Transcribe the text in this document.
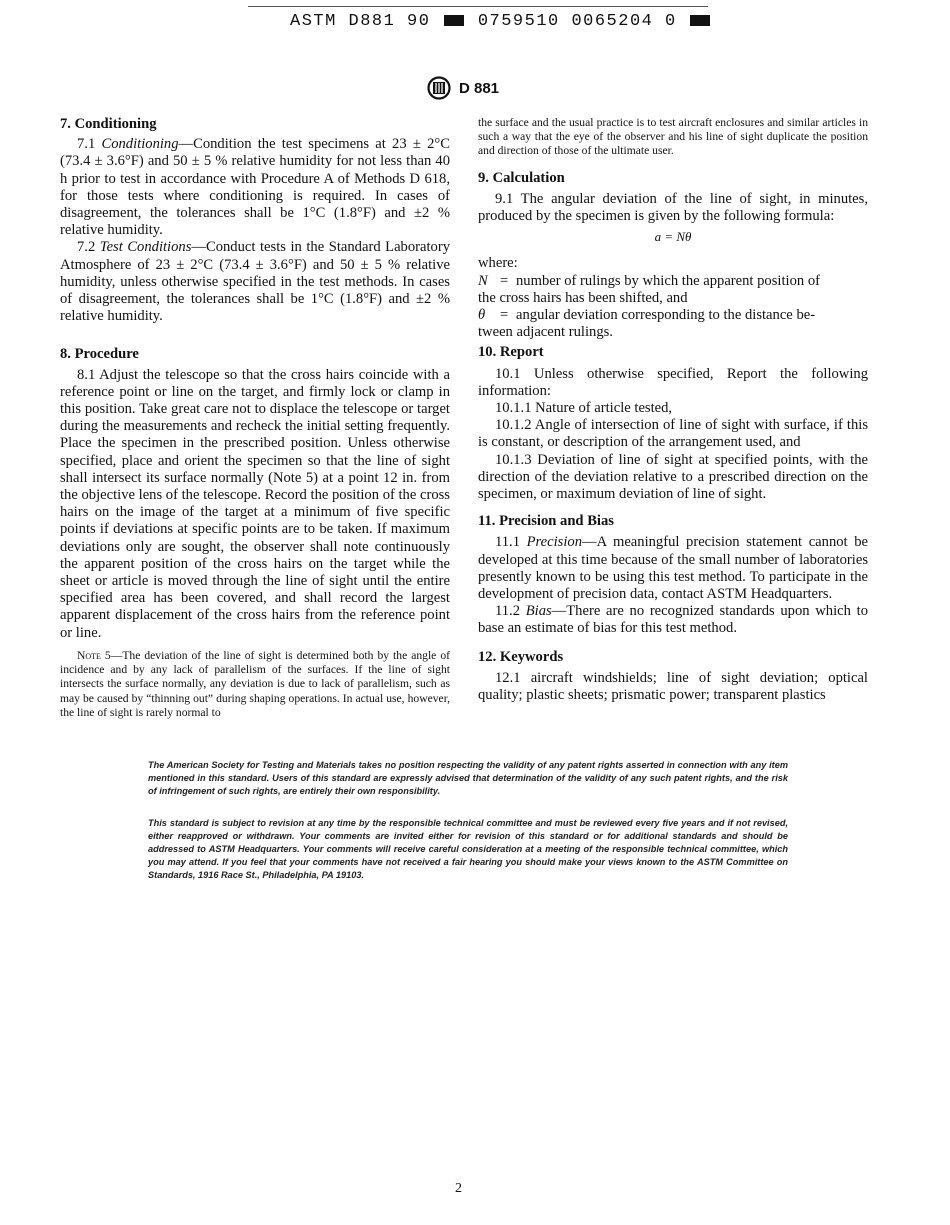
ASTM D881 90	0759510 0065204 0
D 881
7. Conditioning

7.1 Conditioning—Condition the test specimens at 23 ± 2°C (73.4 ± 3.6°F) and 50 ± 5 % relative humidity for not less than 40 h prior to test in accordance with Procedure A of Methods D 618, for those tests where conditioning is required. In cases of disagreement, the tolerances shall be 1°C (1.8°F) and ±2 % relative humidity.

7.2 Test Conditions—Conduct tests in the Standard Laboratory Atmosphere of 23 ± 2°C (73.4 ± 3.6°F) and 50 ± 5 % relative humidity, unless otherwise specified in the test methods. In cases of disagreement, the tolerances shall be 1°C (1.8°F) and ±2 % relative humidity.

8. Procedure

8.1 Adjust the telescope so that the cross hairs coincide with a reference point or line on the target, and firmly lock or clamp in this position. Take great care not to displace the telescope or target during the measurements and recheck the initial setting frequently. Place the specimen in the prescribed position. Unless otherwise specified, place and orient the specimen so that the line of sight shall intersect its surface normally (Note 5) at a point 12 in. from the objective lens of the telescope. Record the position of the cross hairs on the image of the target at a minimum of five specific points if deviations at specific points are to be taken. If maximum deviations only are sought, the observer shall note continuously the apparent position of the cross hairs on the target while the sheet or article is moved through the line of sight until the entire specified area has been covered, and shall record the largest apparent displacement of the cross hairs from the reference point or line.

Note 5—The deviation of the line of sight is determined both by the angle of incidence and by any lack of parallelism of the surfaces. If the line of sight intersects the surface normally, any deviation is due to lack of parallelism, such as may be caused by “thinning out” during shaping operations. In actual use, however, the line of sight is rarely normal to

the surface and the usual practice is to test aircraft enclosures and similar articles in such a way that the eye of the observer and his line of sight duplicate the position and direction of those of the ultimate user.

9. Calculation

9.1 The angular deviation of the line of sight, in minutes, produced by the specimen is given by the following formula:

a = Nθ

where:

N = number of rulings by which the apparent position of
the cross hairs has been shifted, and
θ	= angular deviation corresponding to the distance be-
tween adjacent rulings.
10. Report

10.1 Unless otherwise specified, Report the following information:

10.1.1 Nature of article tested,

10.1.2 Angle of intersection of line of sight with surface, if this is constant, or description of the arrangement used, and

10.1.3 Deviation of line of sight at specified points, with the direction of the deviation relative to a prescribed direction on the specimen, or maximum deviation of line of sight.

11. Precision and Bias

11.1 Precision—A meaningful precision statement cannot be developed at this time because of the small number of laboratories presently known to be using this test method. To participate in the development of precision data, contact ASTM Headquarters.

11.2 Bias—There are no recognized standards upon which to base an estimate of bias for this test method.

12. Keywords

12.1 aircraft windshields; line of sight deviation; optical quality; plastic sheets; prismatic power; transparent plastics

The American Society for Testing and Materials takes no position respecting the validity of any patent rights asserted in connection with any item mentioned in this standard. Users of this standard are expressly advised that determination of the validity of any such patent rights, and the risk of infringement of such rights, are entirely their own responsibility.

This standard is subject to revision at any time by the responsible technical committee and must be reviewed every five years and if not revised, either reapproved or withdrawn. Your comments are invited either for revision of this standard or for additional standards and should be addressed to ASTM Headquarters. Your comments will receive careful consideration at a meeting of the responsible technical committee, which you may attend. If you feel that your comments have not received a fair hearing you should make your views known to the ASTM Committee on Standards, 1916 Race St., Philadelphia, PA 19103.

2
